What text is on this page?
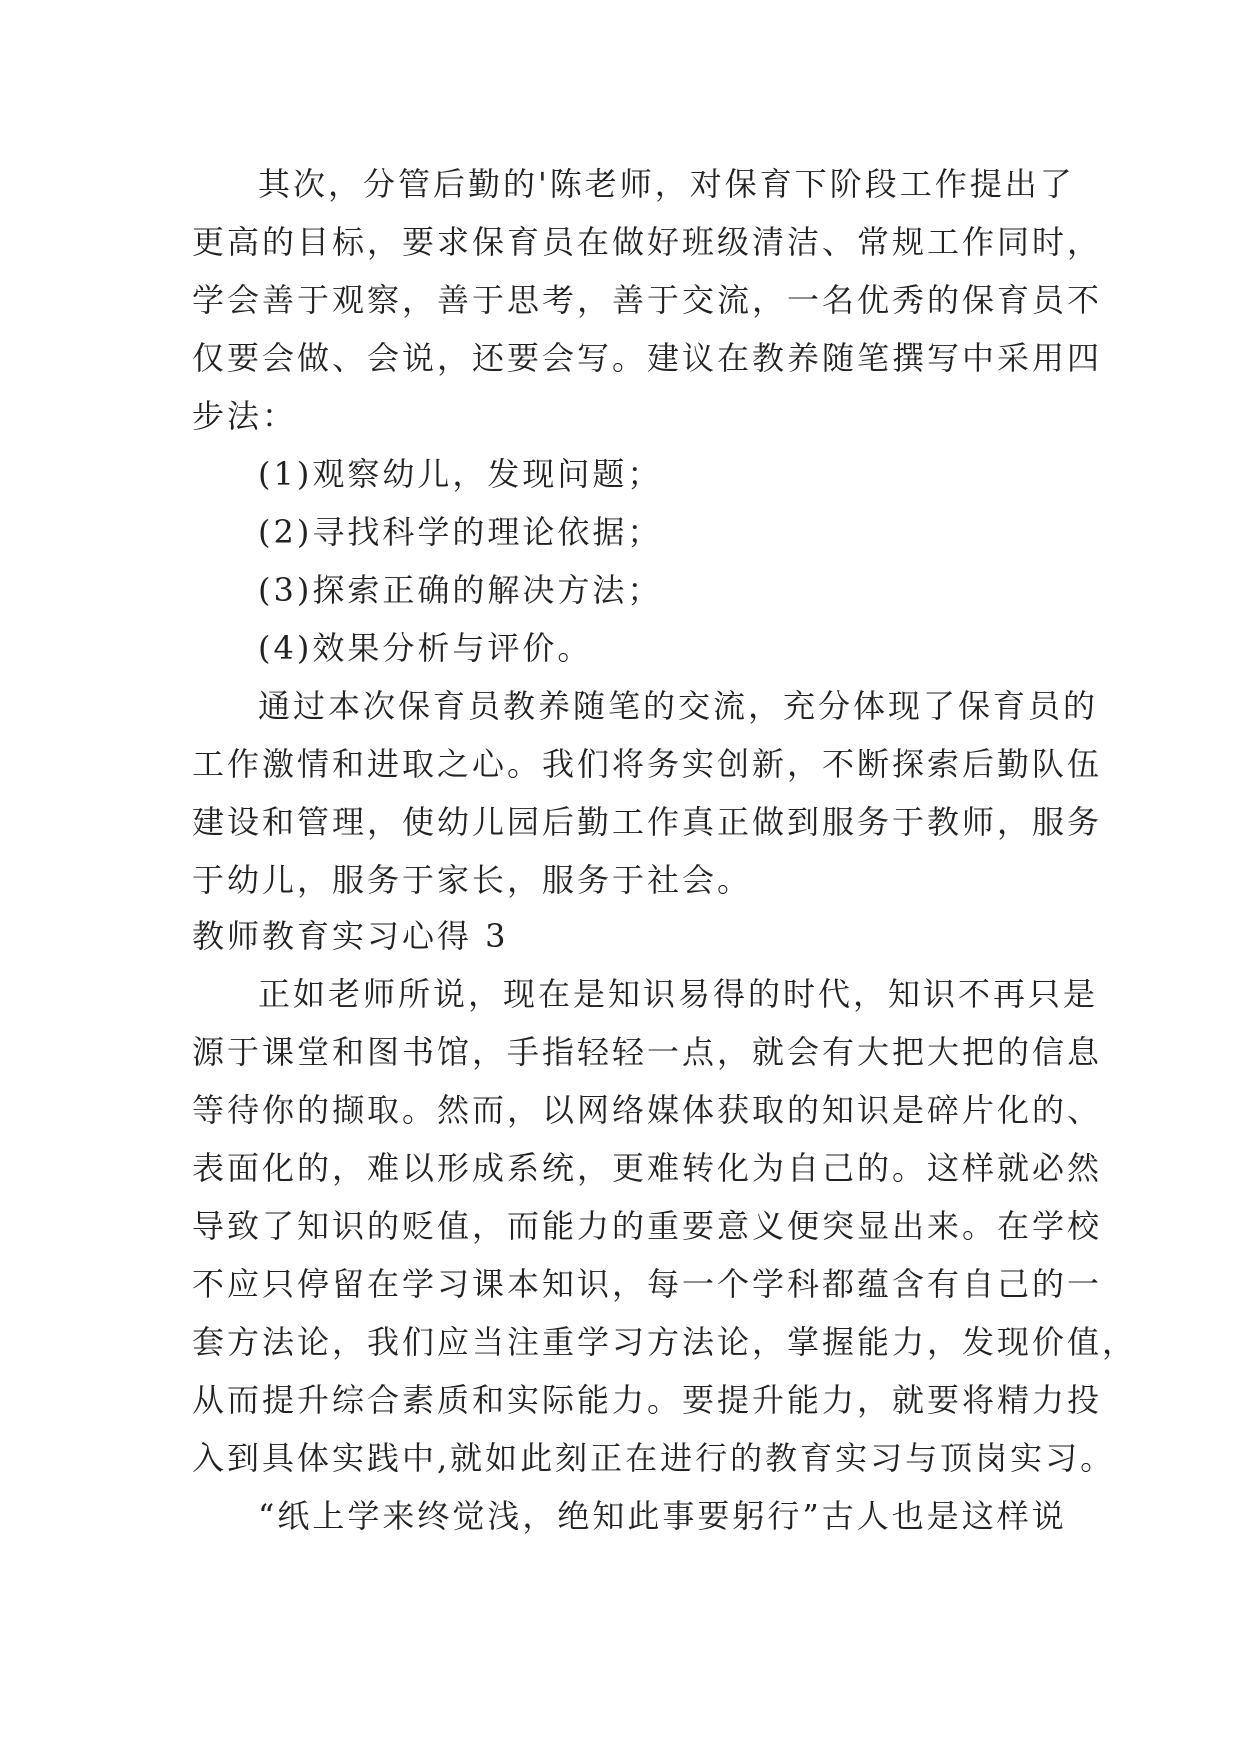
其次，分管后勤的'陈老师，对保育下阶段工作提出了
更高的目标，要求保育员在做好班级清洁、常规工作同时，
学会善于观察，善于思考，善于交流，一名优秀的保育员不
仅要会做、会说，还要会写。建议在教养随笔撰写中采用四
步法：
(1)观察幼儿，发现问题；
(2)寻找科学的理论依据；
(3)探索正确的解决方法；
(4)效果分析与评价。
通过本次保育员教养随笔的交流，充分体现了保育员的
工作激情和进取之心。我们将务实创新，不断探索后勤队伍
建设和管理，使幼儿园后勤工作真正做到服务于教师，服务
于幼儿，服务于家长，服务于社会。
教师教育实习心得 3
正如老师所说，现在是知识易得的时代，知识不再只是
源于课堂和图书馆，手指轻轻一点，就会有大把大把的信息
等待你的撷取。然而，以网络媒体获取的知识是碎片化的、
表面化的，难以形成系统，更难转化为自己的。这样就必然
导致了知识的贬值，而能力的重要意义便突显出来。在学校
不应只停留在学习课本知识，每一个学科都蕴含有自己的一
套方法论，我们应当注重学习方法论，掌握能力，发现价值，
从而提升综合素质和实际能力。要提升能力，就要将精力投
入到具体实践中,就如此刻正在进行的教育实习与顶岗实习。
“纸上学来终觉浅，绝知此事要躬行”古人也是这样说
